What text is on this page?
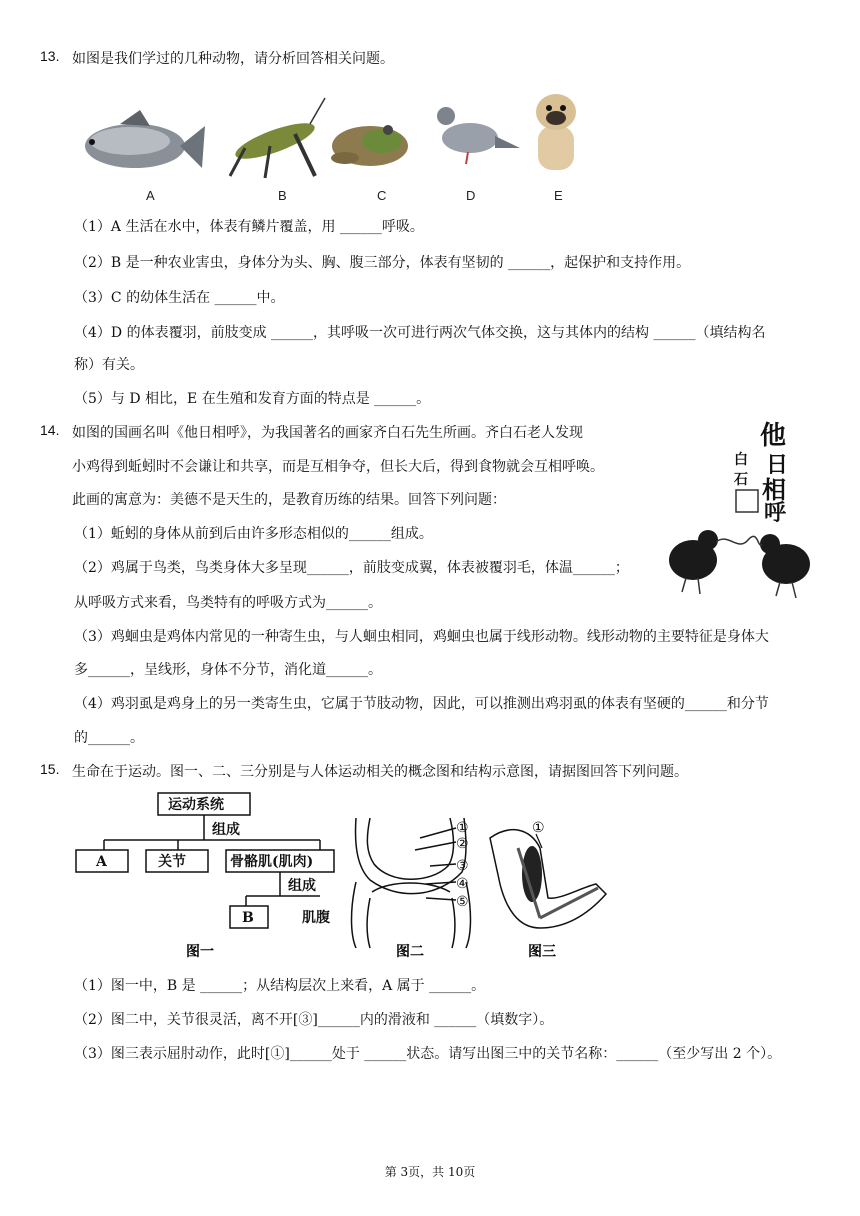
13. 如图是我们学过的几种动物，请分析回答相关问题。
A	B	C	D	E
（1）A 生活在水中，体表有鳞片覆盖，用 ______呼吸。
（2）B 是一种农业害虫，身体分为头、胸、腹三部分，体表有坚韧的 ______，起保护和支持作用。
（3）C 的幼体生活在 ______中。
（4）D 的体表覆羽，前肢变成 ______，其呼吸一次可进行两次气体交换，这与其体内的结构 ______（填结构名
称）有关。
（5）与 D 相比，E 在生殖和发育方面的特点是 ______。
14. 如图的国画名叫《他日相呼》，为我国著名的画家齐白石先生所画。齐白石老人发现
小鸡得到蚯蚓时不会谦让和共享，而是互相争夺，但长大后，得到食物就会互相呼唤。
此画的寓意为：美德不是天生的，是教育历练的结果。回答下列问题：
他
日
白
石 相
呼
（1）蚯蚓的身体从前到后由许多形态相似的______组成。
（2）鸡属于鸟类，鸟类身体大多呈现______，前肢变成翼，体表被覆羽毛，体温______；
从呼吸方式来看，鸟类特有的呼吸方式为______。
（3）鸡蛔虫是鸡体内常见的一种寄生虫，与人蛔虫相同，鸡蛔虫也属于线形动物。线形动物的主要特征是身体大
多______，呈线形，身体不分节，消化道______。
（4）鸡羽虱是鸡身上的另一类寄生虫，它属于节肢动物，因此，可以推测出鸡羽虱的体表有坚硬的______和分节
的______。
15. 生命在于运动。图一、二、三分别是与人体运动相关的概念图和结构示意图，请据图回答下列问题。
运动系统
组成
A	关节	骨骼肌(肌肉)
组成
B	肌腹
图一
①
②
③
④
⑤
图二
①
图三
（1）图一中，B 是 ______；从结构层次上来看，A 属于 ______。
（2）图二中，关节很灵活，离不开[③]______内的滑液和 ______（填数字）。
（3）图三表示屈肘动作，此时[①]______处于 ______状态。请写出图三中的关节名称：______（至少写出 2 个）。
第 3页，共 10页
